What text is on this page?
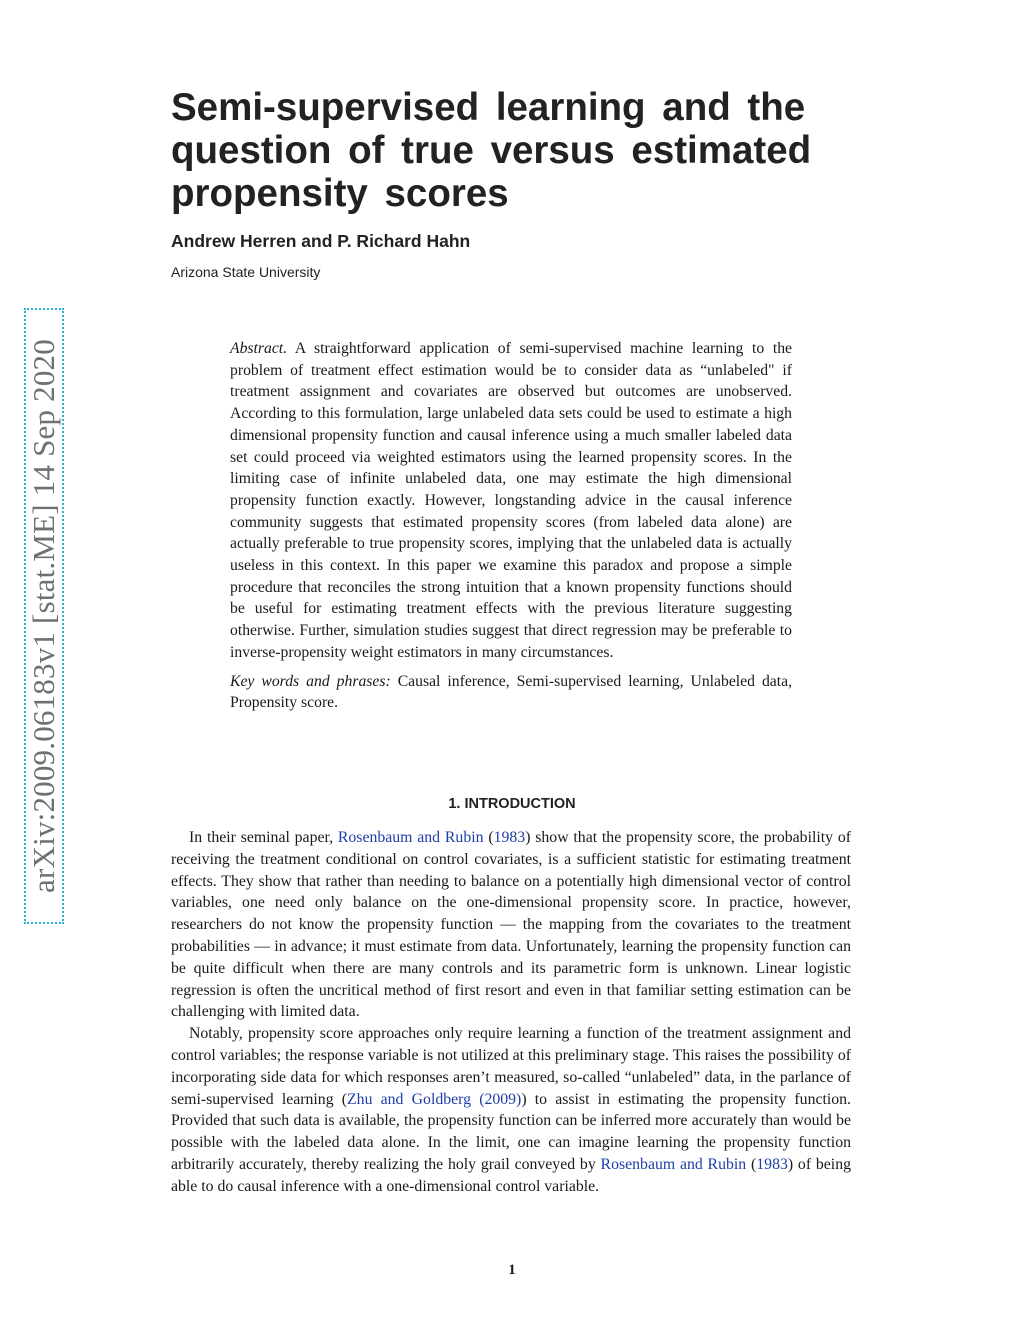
arXiv:2009.06183v1 [stat.ME] 14 Sep 2020
Semi-supervised learning and the question of true versus estimated propensity scores
Andrew Herren and P. Richard Hahn
Arizona State University

Abstract. A straightforward application of semi-supervised machine learning to the problem of treatment effect estimation would be to consider data as “unlabeled" if treatment assignment and covariates are observed but outcomes are unobserved. According to this formulation, large unlabeled data sets could be used to estimate a high dimensional propensity function and causal inference using a much smaller labeled data set could proceed via weighted estimators using the learned propensity scores. In the limiting case of infinite unlabeled data, one may estimate the high dimensional propensity function exactly. However, longstanding advice in the causal inference community suggests that estimated propensity scores (from labeled data alone) are actually preferable to true propensity scores, implying that the unlabeled data is actually useless in this context. In this paper we examine this paradox and propose a simple procedure that reconciles the strong intuition that a known propensity functions should be useful for estimating treatment effects with the previous literature suggesting otherwise. Further, simulation studies suggest that direct regression may be preferable to inverse-propensity weight estimators in many circumstances.

Key words and phrases: Causal inference, Semi-supervised learning, Unlabeled data, Propensity score.

1. INTRODUCTION

In their seminal paper, Rosenbaum and Rubin (1983) show that the propensity score, the probability of receiving the treatment conditional on control covariates, is a sufficient statistic for estimating treatment effects. They show that rather than needing to balance on a potentially high dimensional vector of control variables, one need only balance on the one-dimensional propensity score. In practice, however, researchers do not know the propensity function — the mapping from the covariates to the treatment probabilities — in advance; it must estimate from data. Unfortunately, learning the propensity function can be quite difficult when there are many controls and its parametric form is unknown. Linear logistic regression is often the uncritical method of first resort and even in that familiar setting estimation can be challenging with limited data.

Notably, propensity score approaches only require learning a function of the treatment assignment and control variables; the response variable is not utilized at this preliminary stage. This raises the possibility of incorporating side data for which responses aren’t measured, so-called “unlabeled” data, in the parlance of semi-supervised learning (Zhu and Goldberg (2009)) to assist in estimating the propensity function. Provided that such data is available, the propensity function can be inferred more accurately than would be possible with the labeled data alone. In the limit, one can imagine learning the propensity function arbitrarily accurately, thereby realizing the holy grail conveyed by Rosenbaum and Rubin (1983) of being able to do causal inference with a one-dimensional control variable.

1
